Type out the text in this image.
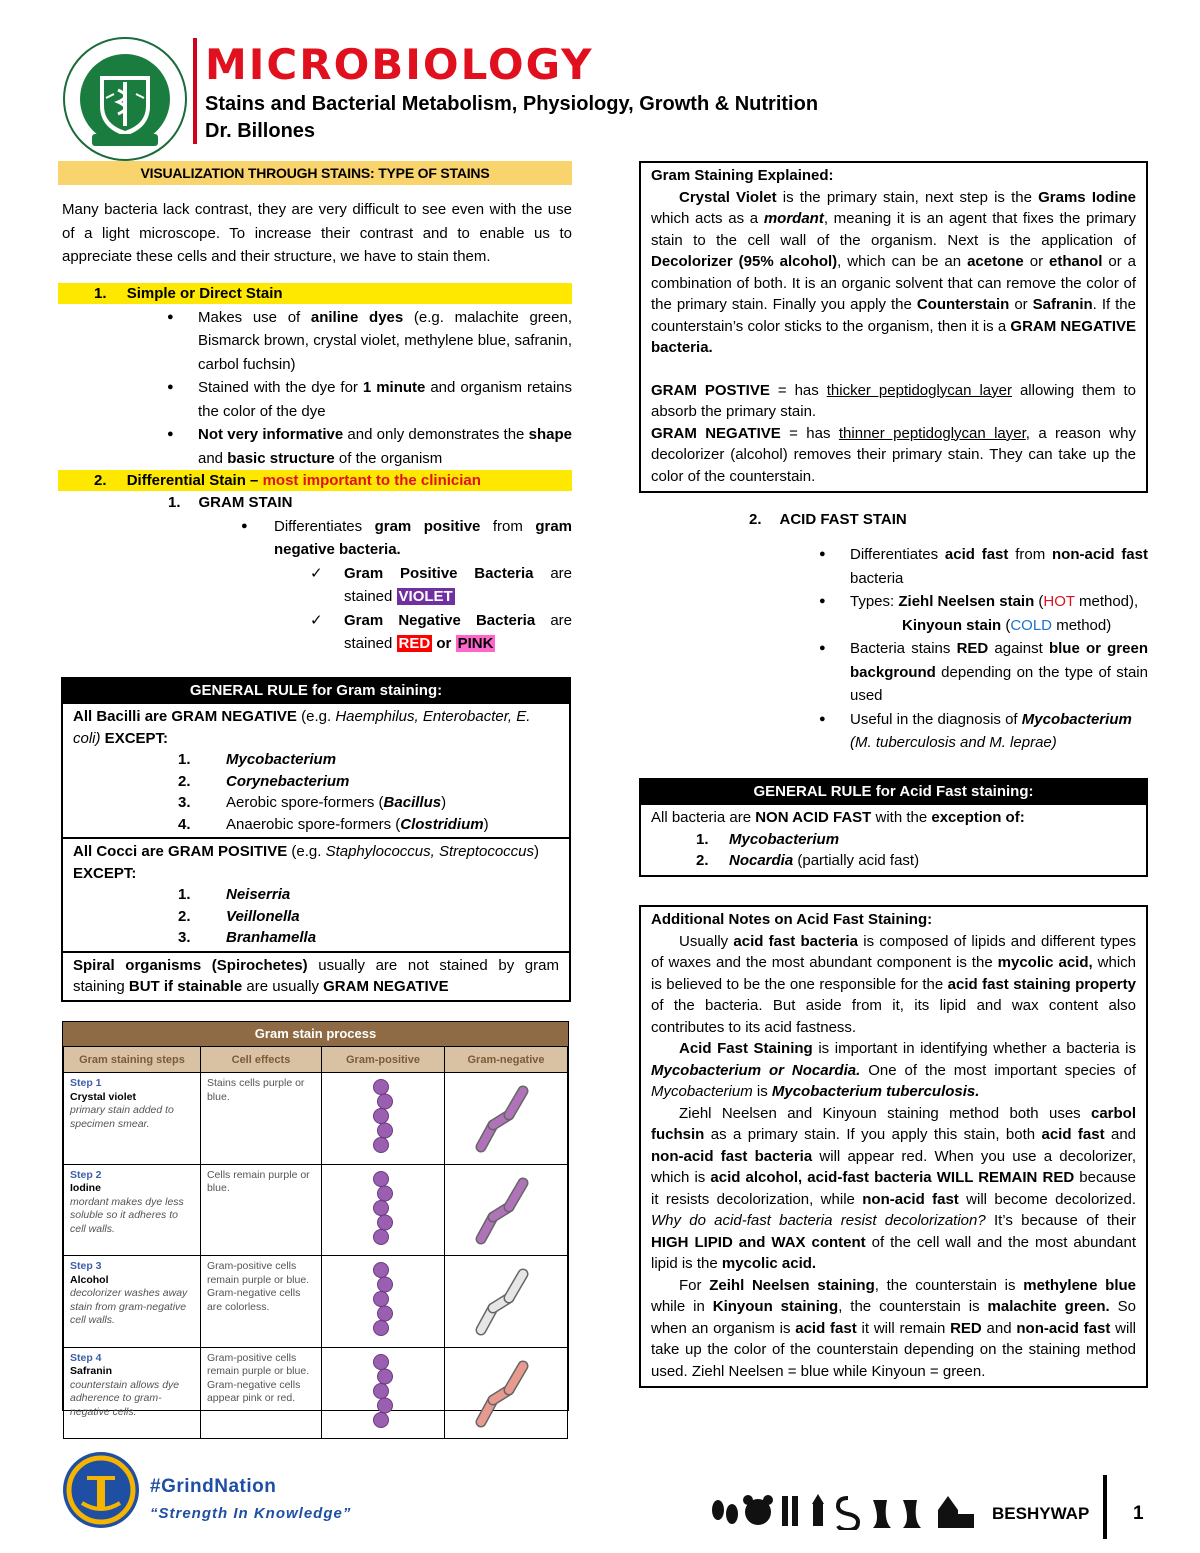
MICROBIOLOGY
Stains and Bacterial Metabolism, Physiology, Growth & Nutrition
Dr. Billones
VISUALIZATION THROUGH STAINS: TYPE OF STAINS
Many bacteria lack contrast, they are very difficult to see even with the use of a light microscope. To increase their contrast and to enable us to appreciate these cells and their structure, we have to stain them.
1. Simple or Direct Stain
● Makes use of aniline dyes (e.g. malachite green, Bismarck brown, crystal violet, methylene blue, safranin, carbol fuchsin)
● Stained with the dye for 1 minute and organism retains the color of the dye
● Not very informative and only demonstrates the shape and basic structure of the organism
2. Differential Stain – most important to the clinician
1. GRAM STAIN
● Differentiates gram positive from gram negative bacteria.
✓ Gram Positive Bacteria are stained VIOLET
✓ Gram Negative Bacteria are stained RED or PINK
GENERAL RULE for Gram staining:
All Bacilli are GRAM NEGATIVE (e.g. Haemphilus, Enterobacter, E. coli) EXCEPT:
1.	Mycobacterium
2.	Corynebacterium
3.	Aerobic spore-formers (Bacillus)
4.	Anaerobic spore-formers (Clostridium)
All Cocci are GRAM POSITIVE (e.g. Staphylococcus, Streptococcus)
EXCEPT:
1.	Neiserria
2.	Veillonella
3.	Branhamella
Spiral organisms (Spirochetes) usually are not stained by gram staining BUT if stainable are usually GRAM NEGATIVE
Gram stain process
Gram staining steps	Cell effects	Gram-positive	Gram-negative

Step 1
Crystal violet
primary stain added to specimen smear.	Stains cells purple or blue.		

Step 2
Iodine
mordant makes dye less soluble so it adheres to cell walls.	Cells remain purple or blue.		

Step 3
Alcohol
decolorizer washes away stain from gram-negative cell walls.	Gram-positive cells remain purple or blue. Gram-negative cells are colorless.		

Step 4
Safranin
counterstain allows dye adherence to gram-negative cells.	Gram-positive cells remain purple or blue. Gram-negative cells appear pink or red.		
Gram Staining Explained:
Crystal Violet is the primary stain, next step is the Grams Iodine which acts as a mordant, meaning it is an agent that fixes the primary stain to the cell wall of the organism. Next is the application of Decolorizer (95% alcohol), which can be an acetone or ethanol or a combination of both. It is an organic solvent that can remove the color of the primary stain. Finally you apply the Counterstain or Safranin. If the counterstain’s color sticks to the organism, then it is a GRAM NEGATIVE bacteria.
GRAM POSTIVE = has thicker peptidoglycan layer allowing them to absorb the primary stain.
GRAM NEGATIVE = has thinner peptidoglycan layer, a reason why decolorizer (alcohol) removes their primary stain. They can take up the color of the counterstain.
2. ACID FAST STAIN
● Differentiates acid fast from non-acid fast bacteria
● Types: Ziehl Neelsen stain (HOT method),
Kinyoun stain (COLD method)
● Bacteria stains RED against blue or green background depending on the type of stain used
● Useful in the diagnosis of Mycobacterium
(M. tuberculosis and M. leprae)
GENERAL RULE for Acid Fast staining:
All bacteria are NON ACID FAST with the exception of:
1. Mycobacterium
2. Nocardia (partially acid fast)
Additional Notes on Acid Fast Staining:
Usually acid fast bacteria is composed of lipids and different types of waxes and the most abundant component is the mycolic acid, which is believed to be the one responsible for the acid fast staining property of the bacteria. But aside from it, its lipid and wax content also contributes to its acid fastness.
Acid Fast Staining is important in identifying whether a bacteria is Mycobacterium or Nocardia. One of the most important species of Mycobacterium is Mycobacterium tuberculosis.
Ziehl Neelsen and Kinyoun staining method both uses carbol fuchsin as a primary stain. If you apply this stain, both acid fast and non-acid fast bacteria will appear red. When you use a decolorizer, which is acid alcohol, acid-fast bacteria WILL REMAIN RED because it resists decolorization, while non-acid fast will become decolorized. Why do acid-fast bacteria resist decolorization? It’s because of their HIGH LIPID and WAX content of the cell wall and the most abundant lipid is the mycolic acid.
For Zeihl Neelsen staining, the counterstain is methylene blue while in Kinyoun staining, the counterstain is malachite green. So when an organism is acid fast it will remain RED and non-acid fast will take up the color of the counterstain depending on the staining method used. Ziehl Neelsen = blue while Kinyoun = green.
#GrindNation
“Strength In Knowledge”	BESHYWAP 1
